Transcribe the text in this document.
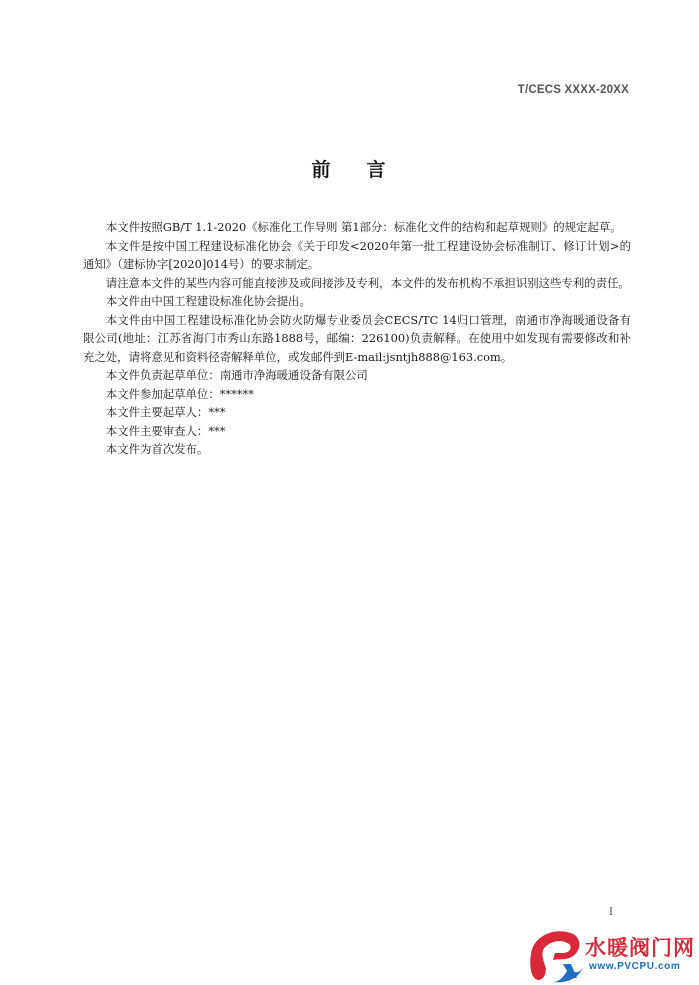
T/CECS XXXX-20XX
前 言

本文件按照GB/T 1.1-2020《标准化工作导则 第1部分：标准化文件的结构和起草规则》的规定起草。

本文件是按中国工程建设标准化协会《关于印发<2020年第一批工程建设协会标准制订、修订计划>的通知》（建标协字[2020]014号）的要求制定。

请注意本文件的某些内容可能直接涉及或间接涉及专利，本文件的发布机构不承担识别这些专利的责任。

本文件由中国工程建设标准化协会提出。

本文件由中国工程建设标准化协会防火防爆专业委员会CECS/TC 14归口管理，南通市净海暖通设备有限公司(地址：江苏省海门市秀山东路1888号，邮编：226100)负责解释。在使用中如发现有需要修改和补充之处，请将意见和资料径寄解释单位，或发邮件到E-mail:jsntjh888@163.com。

本文件负责起草单位：南通市净海暖通设备有限公司

本文件参加起草单位：******

本文件主要起草人：***

本文件主要审查人：***

本文件为首次发布。

I
水暖阀门网
www.PVCPU.com
